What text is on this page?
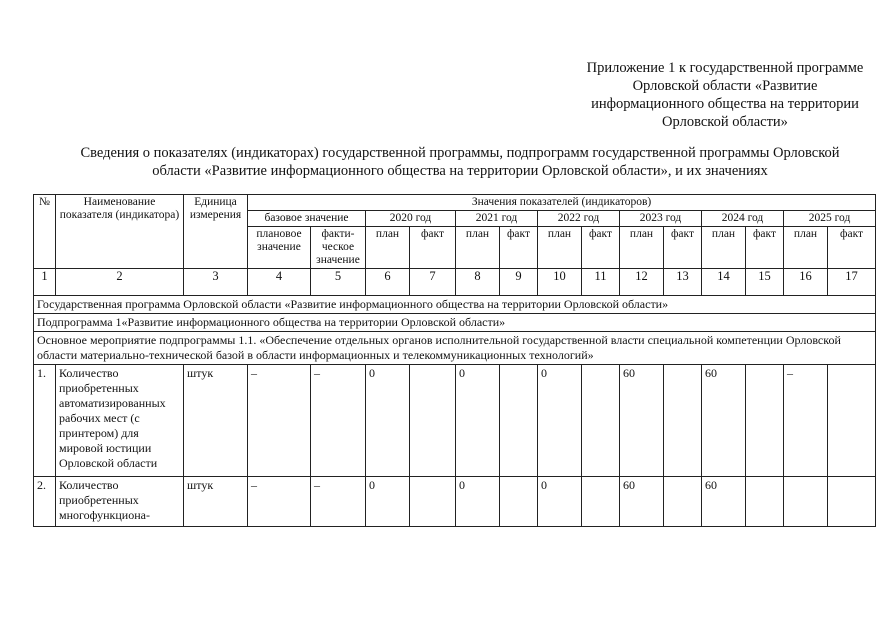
Приложение 1 к государственной программе
Орловской области «Развитие
информационного общества на территории
Орловской области»
Сведения о показателях (индикаторах) государственной программы, подпрограмм государственной программы Орловской
области «Развитие информационного общества на территории Орловской области», и их значениях
№	Наименование показателя (индикатора)	Единица измерения	Значения показателей (индикаторов)													
			базовое значение		2020 год		2021 год		2022 год		2023 год		2024 год		2025 год	
			плановое значение	факти-ческое значение	план	факт	план	факт	план	факт	план	факт	план	факт	план	факт
1	2	3	4	5	6	7	8	9	10	11	12	13	14	15	16	17
Государственная программа Орловской области «Развитие информационного общества на территории Орловской области»																
Подпрограмма 1«Развитие информационного общества на территории Орловской области»																
Основное мероприятие подпрограммы 1.1. «Обеспечение отдельных органов исполнительной государственной власти специальной компетенции Орловской области материально-технической базой в области информационных и телекоммуникационных технологий»																
1.	Количество приобретенных автоматизированных рабочих мест (с принтером) для мировой юстиции Орловской области	штук	–	–	0		0		0		60		60		–	
2.	Количество приобретенных многофункциона-	штук	–	–	0		0		0		60		60			
